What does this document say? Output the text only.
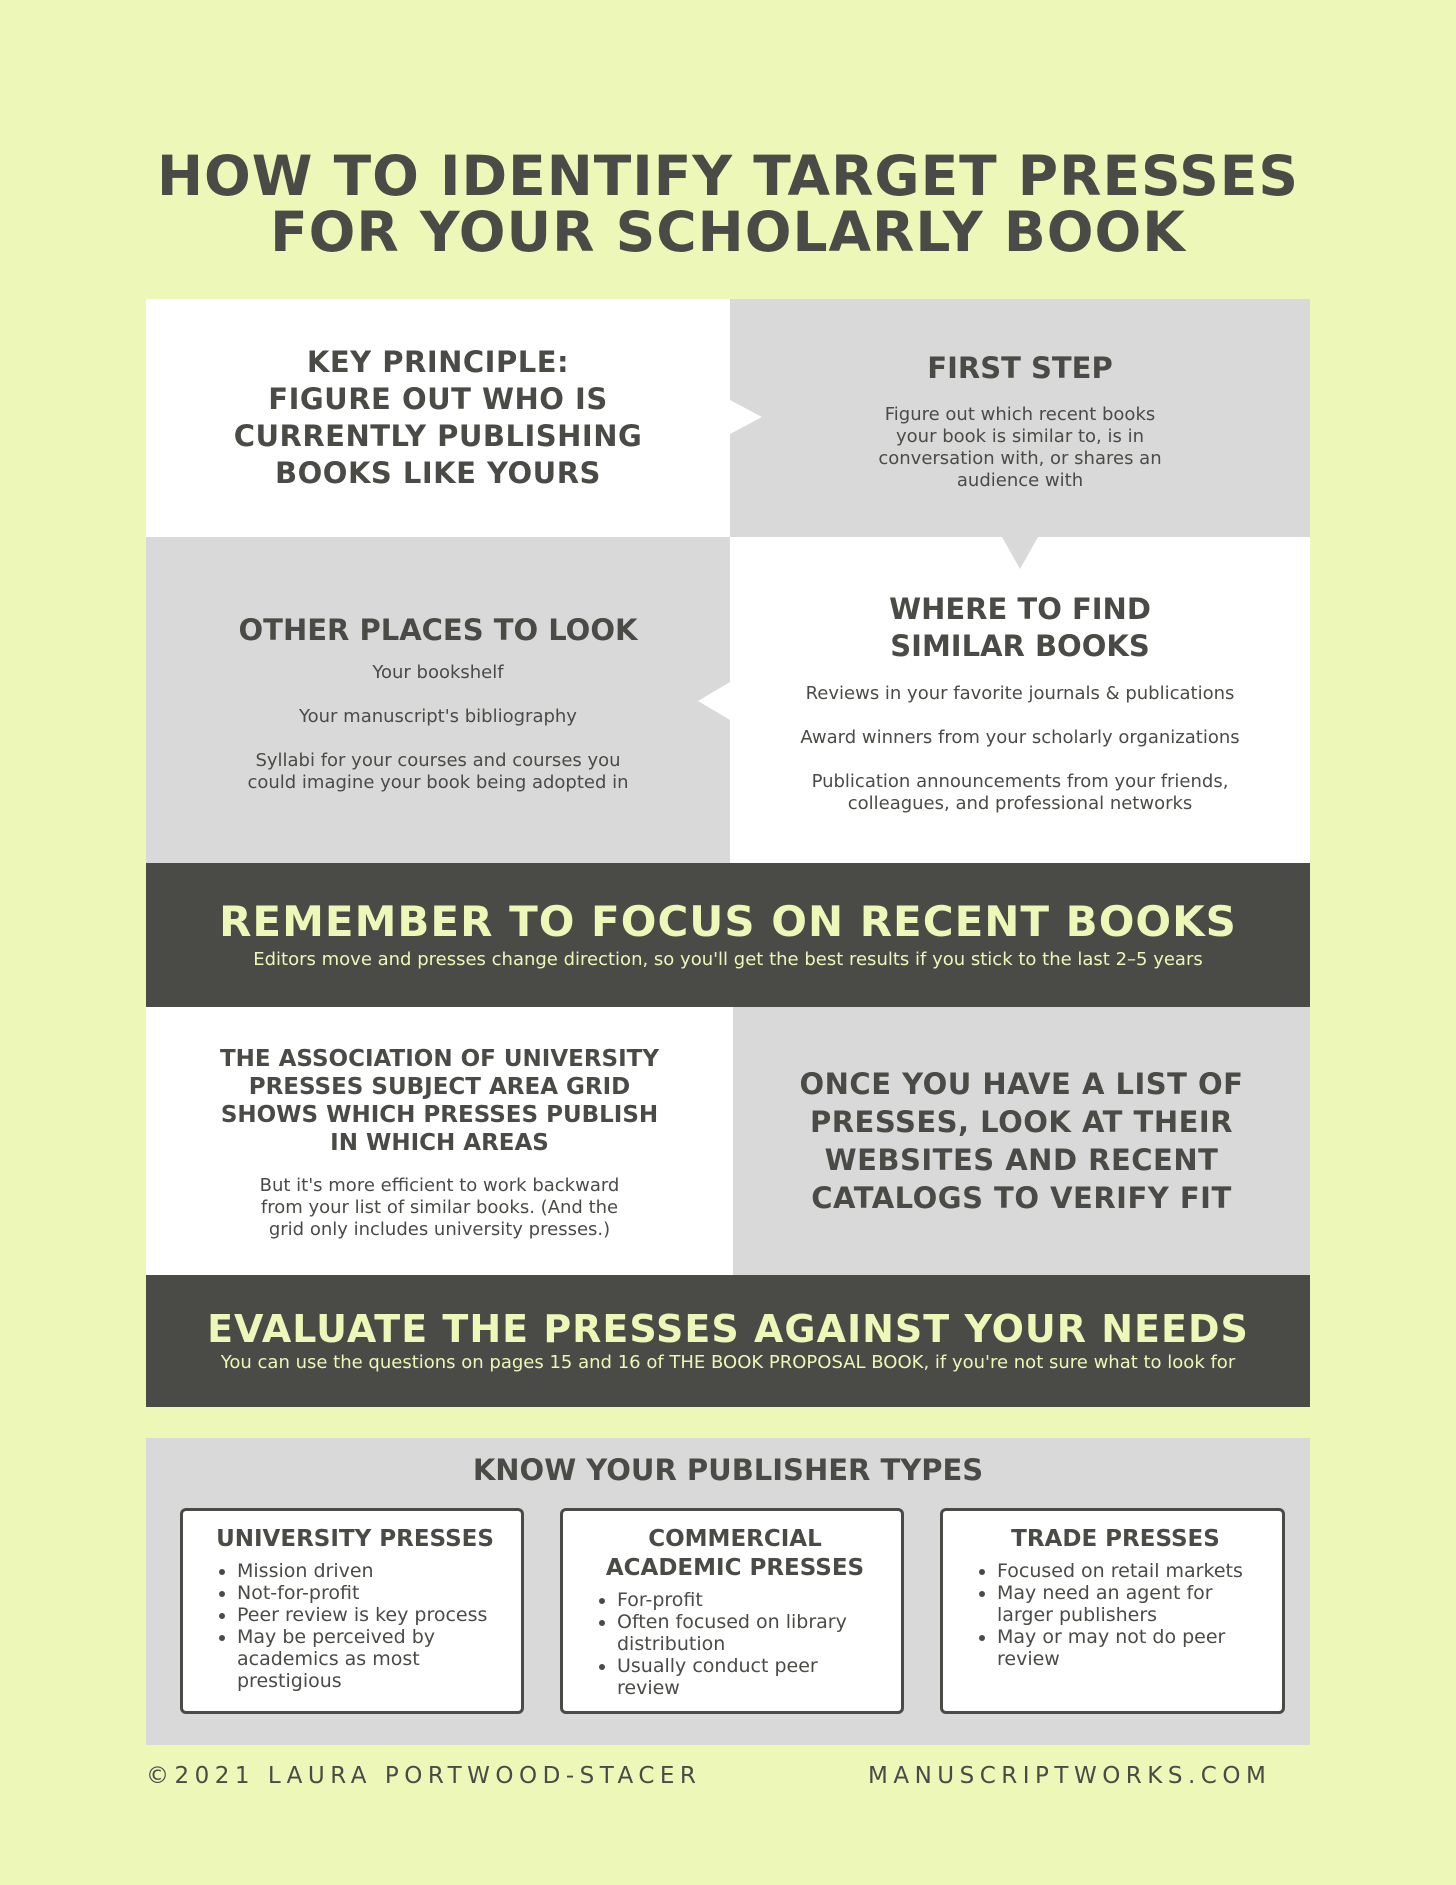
HOW TO IDENTIFY TARGET PRESSES
FOR YOUR SCHOLARLY BOOK
KEY PRINCIPLE:
FIGURE OUT WHO IS
CURRENTLY PUBLISHING
BOOKS LIKE YOURS
FIRST STEP
Figure out which recent books
your book is similar to, is in
conversation with, or shares an
audience with
OTHER PLACES TO LOOK
Your bookshelf
Your manuscript's bibliography
Syllabi for your courses and courses you
could imagine your book being adopted in
WHERE TO FIND
SIMILAR BOOKS
Reviews in your favorite journals & publications
Award winners from your scholarly organizations
Publication announcements from your friends,
colleagues, and professional networks
REMEMBER TO FOCUS ON RECENT BOOKS
Editors move and presses change direction, so you'll get the best results if you stick to the last 2–5 years
THE ASSOCIATION OF UNIVERSITY
PRESSES SUBJECT AREA GRID
SHOWS WHICH PRESSES PUBLISH
IN WHICH AREAS
But it's more efficient to work backward
from your list of similar books. (And the
grid only includes university presses.)
ONCE YOU HAVE A LIST OF
PRESSES, LOOK AT THEIR
WEBSITES AND RECENT
CATALOGS TO VERIFY FIT
EVALUATE THE PRESSES AGAINST YOUR NEEDS
You can use the questions on pages 15 and 16 of THE BOOK PROPOSAL BOOK, if you're not sure what to look for
KNOW YOUR PUBLISHER TYPES
UNIVERSITY PRESSES
• Mission driven
• Not-for-profit
• Peer review is key process
• May be perceived by academics as most prestigious
COMMERCIAL
ACADEMIC PRESSES
• For-profit
• Often focused on library distribution
• Usually conduct peer review
TRADE PRESSES
• Focused on retail markets
• May need an agent for larger publishers
• May or may not do peer review
©2021 LAURA PORTWOOD-STACER	MANUSCRIPTWORKS.COM
